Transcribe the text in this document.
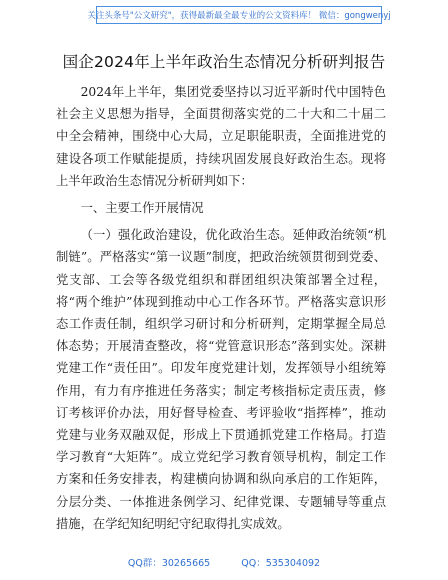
关注头条号"公文研究"，获得最新最全最专业的公文资料库！ 微信：gongwenyj
国企2024年上半年政治生态情况分析研判报告

2024年上半年，集团党委坚持以习近平新时代中国特色社会主义思想为指导，全面贯彻落实党的二十大和二十届二中全会精神，围绕中心大局，立足职能职责，全面推进党的建设各项工作赋能提质，持续巩固发展良好政治生态。现将上半年政治生态情况分析研判如下：

一、主要工作开展情况

（一）强化政治建设，优化政治生态。延伸政治统领“机制链”。严格落实“第一议题”制度，把政治统领贯彻到党委、党支部、工会等各级党组织和群团组织决策部署全过程，将“两个维护”体现到推动中心工作各环节。严格落实意识形态工作责任制，组织学习研讨和分析研判，定期掌握全局总体态势；开展清查整改，将“党管意识形态”落到实处。深耕党建工作“责任田”。印发年度党建计划，发挥领导小组统筹作用，有力有序推进任务落实；制定考核指标定责压责，修订考核评价办法，用好督导检查、考评验收“指挥棒”，推动党建与业务双融双促，形成上下贯通抓党建工作格局。打造学习教育“大矩阵”。成立党纪学习教育领导机构，制定工作方案和任务安排表，构建横向协调和纵向承启的工作矩阵，分层分类、一体推进条例学习、纪律党课、专题辅导等重点措施，在学纪知纪明纪守纪取得扎实成效。

QQ群：30265665	QQ：535304092
